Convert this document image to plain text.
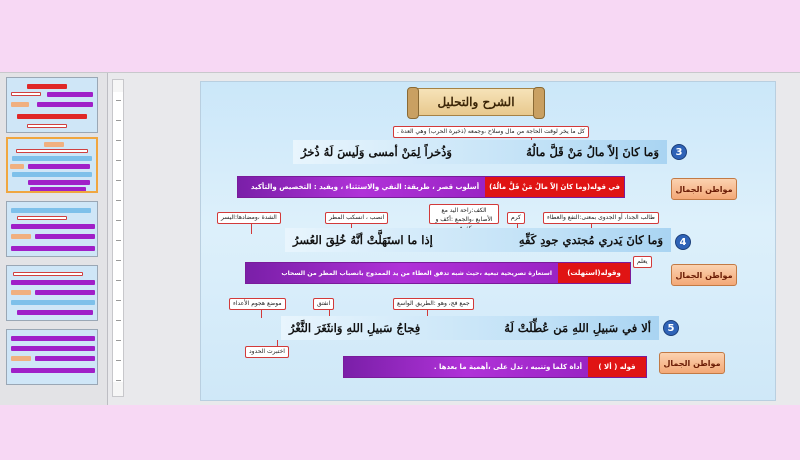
الشرح والتحليل
كل ما يخر لوقت الحاجة من مال وسلاح ،وجمعه (ذخيرة الحرب) وهي العدة .
3
وَما كانَ إلاّ مالُ مَنْ قَلَّ مالُهُ
وَذُخراً لِمَنْ أمسى وَلَيسَ لَهُ ذُخرُ
في قوله(وما كانَ إلاّ مالُ مَنْ قَلَّ مالُهُ)
أسلوب قصر ، طريقة: النفي والاستثناء ، ويفيد : التخصيص والتأكيد	مواطن الجمال
الشدة ،ومضادها:اليسر	انصب ، انسكب المطر
الكف:راحة اليد مع الأصابع ،والجمع :أكف و	كرم	طالب الجدا، أو الجدوى بمعنى:النفع والعطاء
4
وَما كانَ يَدري مُجتدي جودِ كَفِّهِ
إذا ما استَهَلَّتْ أنَّهُ خُلِقَ العُسرُ
يعلم
وقوله(استهلت)
استعارة تصريحية تبعية ،حيث شبه تدفق العطاء من يد الممدوح بانصباب المطر من السحاب	مواطن الجمال
موضع هجوم الأعداء	انفتق	جمع فج، وهو :الطريق الواسع
5
ألا في سَبيلِ اللهِ مَن عُطِّلَتْ لَهُ
فِجاجُ سَبيلِ اللهِ وَانثَغَرَ الثَّغْرُ
اختبرت الحدود
قوله ( ألا )
أداة كلما وتنبيه ، تدل على ،أهمية ما بعدها .	مواطن الجمال
